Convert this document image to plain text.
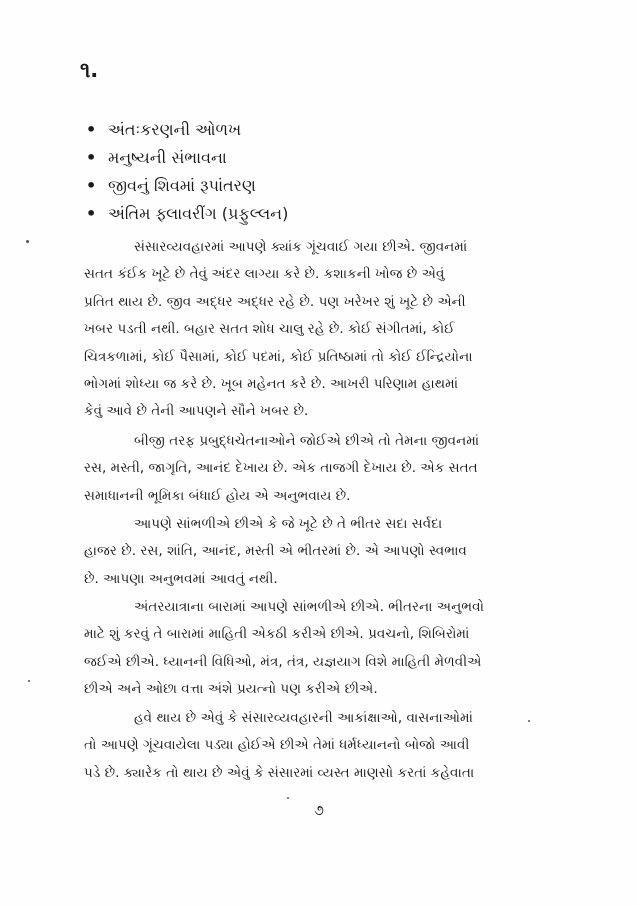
૧.
• અંતઃકરણની ઓળખ
• મનુષ્યની સંભાવના
• જીવનું શિવમાં રૂપાંતરણ
• અંતિમ ફ્લાવરીંગ (પ્રફુલ્લન)

સંસારવ્યવહારમાં આપણે ક્યાંક ગૂંચવાઈ ગયા છીએ. જીવનમાં

સતત કંઈક ખૂટે છે તેવું અંદર લાગ્યા કરે છે. કશાકની ખોજ છે એવું

પ્રતિત થાય છે. જીવ અદ્ધર અદ્ધર રહે છે. પણ ખરેખર શું ખૂટે છે એની

ખબર પડતી નથી. બહાર સતત શોધ ચાલુ રહે છે. કોઈ સંગીતમાં, કોઈ

ચિત્રકળામાં, કોઈ પૈસામાં, કોઈ પદમાં, કોઈ પ્રતિષ્ઠામાં તો કોઈ ઈન્દ્રિયોના

ભોગમાં શોધ્યા જ કરે છે. ખૂબ મહેનત કરે છે. આખરી પરિણામ હાથમાં

કેવું આવે છે તેની આપણને સૌને ખબર છે.

બીજી તરફ પ્રબુદ્ધચેતનાઓને જોઈએ છીએ તો તેમના જીવનમાં

રસ, મસ્તી, જાગૃતિ, આનંદ દેખાય છે. એક તાજગી દેખાય છે. એક સતત

સમાધાનની ભૂમિકા બંધાઈ હોય એ અનુભવાય છે.

આપણે સાંભળીએ છીએ કે જે ખૂટે છે તે ભીતર સદા સર્વદા

હાજર છે. રસ, શાંતિ, આનંદ, મસ્તી એ ભીતરમાં છે. એ આપણો સ્વભાવ

છે. આપણા અનુભવમાં આવતું નથી.

અંતરયાત્રાના બારામાં આપણે સાંભળીએ છીએ. ભીતરના અનુભવો

માટે શું કરવું તે બારામાં માહિતી એકઠી કરીએ છીએ. પ્રવચનો, શિબિરોમાં

જઈએ છીએ. ધ્યાનની વિધિઓ, મંત્ર, તંત્ર, યજ્ઞયાગ વિશે માહિતી મેળવીએ

છીએ અને ઓછા વત્તા અંશે પ્રયત્નો પણ કરીએ છીએ.

હવે થાય છે એવું કે સંસારવ્યવહારની આકાંક્ષાઓ, વાસનાઓમાં

તો આપણે ગૂંચવાયેલા પડ્યા હોઈએ છીએ તેમાં ધર્મધ્યાનનો બોજો આવી

પડે છે. ક્યારેક તો થાય છે એવું કે સંસારમાં વ્યસ્ત માણસો કરતાં કહેવાતા

૭
